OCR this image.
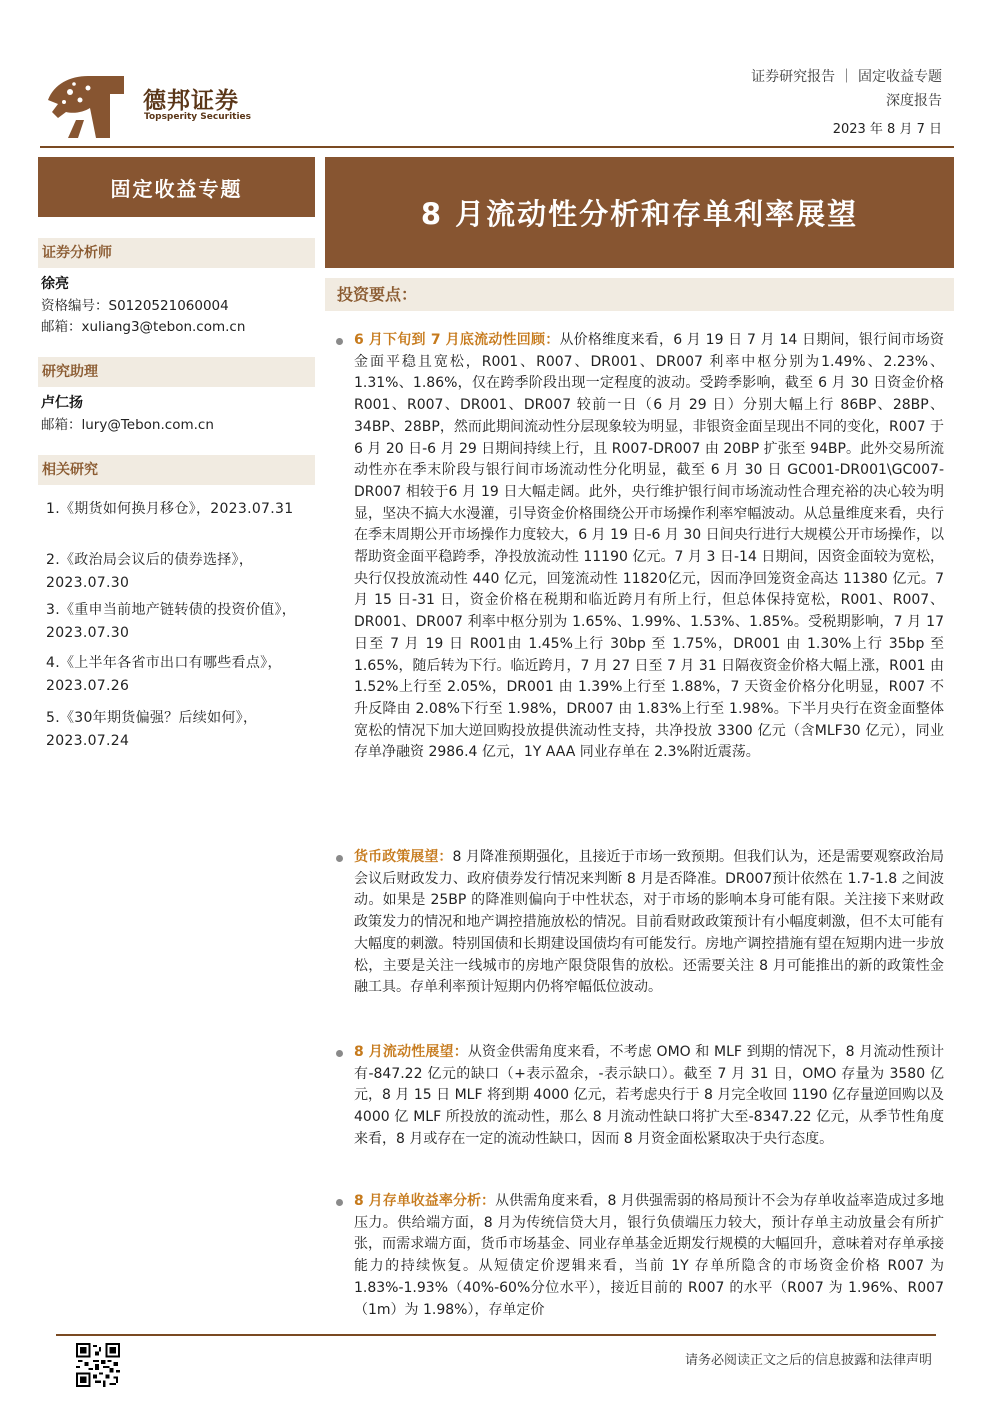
德邦证券
Topsperity Securities
证券研究报告 ｜ 固定收益专题
深度报告
2023 年 8 月 7 日
固定收益专题
8 月流动性分析和存单利率展望
证券分析师
徐亮
资格编号：S0120521060004
邮箱：xuliang3@tebon.com.cn
研究助理
卢仁扬
邮箱：lury@Tebon.com.cn
相关研究
1.《期货如何换月移仓》，2023.07.31
2.《政治局会议后的债券选择》，2023.07.30
3.《重申当前地产链转债的投资价值》，2023.07.30
4.《上半年各省市出口有哪些看点》，2023.07.26
5.《30年期货偏强？后续如何》，2023.07.24
投资要点：
6 月下旬到 7 月底流动性回顾：从价格维度来看，6 月 19 日 7 月 14 日期间，银行间市场资金面平稳且宽松，R001、R007、DR001、DR007 利率中枢分别为1.49%、2.23%、1.31%、1.86%，仅在跨季阶段出现一定程度的波动。受跨季影响，截至 6 月 30 日资金价格 R001、R007、DR001、DR007 较前一日（6 月 29 日）分别大幅上行 86BP、28BP、34BP、28BP，然而此期间流动性分层现象较为明显，非银资金面呈现出不同的变化，R007 于 6 月 20 日-6 月 29 日期间持续上行，且 R007-DR007 由 20BP 扩张至 94BP。此外交易所流动性亦在季末阶段与银行间市场流动性分化明显，截至 6 月 30 日 GC001-DR001\GC007-DR007 相较于6 月 19 日大幅走阔。此外，央行维护银行间市场流动性合理充裕的决心较为明显，坚决不搞大水漫灌，引导资金价格围绕公开市场操作利率窄幅波动。从总量维度来看，央行在季末周期公开市场操作力度较大，6 月 19 日-6 月 30 日间央行进行大规模公开市场操作，以帮助资金面平稳跨季，净投放流动性 11190 亿元。7 月 3 日-14 日期间，因资金面较为宽松，央行仅投放流动性 440 亿元，回笼流动性 11820亿元，因而净回笼资金高达 11380 亿元。7 月 15 日-31 日，资金价格在税期和临近跨月有所上行，但总体保持宽松，R001、R007、DR001、DR007 利率中枢分别为 1.65%、1.99%、1.53%、1.85%。受税期影响，7 月 17 日至 7 月 19 日 R001由 1.45%上行 30bp 至 1.75%，DR001 由 1.30%上行 35bp 至 1.65%，随后转为下行。临近跨月，7 月 27 日至 7 月 31 日隔夜资金价格大幅上涨，R001 由 1.52%上行至 2.05%，DR001 由 1.39%上行至 1.88%，7 天资金价格分化明显，R007 不升反降由 2.08%下行至 1.98%，DR007 由 1.83%上行至 1.98%。下半月央行在资金面整体宽松的情况下加大逆回购投放提供流动性支持，共净投放 3300 亿元（含MLF30 亿元），同业存单净融资 2986.4 亿元，1Y AAA 同业存单在 2.3%附近震荡。
货币政策展望：8 月降准预期强化，且接近于市场一致预期。但我们认为，还是需要观察政治局会议后财政发力、政府债券发行情况来判断 8 月是否降准。DR007预计依然在 1.7-1.8 之间波动。如果是 25BP 的降准则偏向于中性状态，对于市场的影响本身可能有限。关注接下来财政政策发力的情况和地产调控措施放松的情况。目前看财政政策预计有小幅度刺激，但不太可能有大幅度的刺激。特别国债和长期建设国债均有可能发行。房地产调控措施有望在短期内进一步放松，主要是关注一线城市的房地产限贷限售的放松。还需要关注 8 月可能推出的新的政策性金融工具。存单利率预计短期内仍将窄幅低位波动。
8 月流动性展望：从资金供需角度来看，不考虑 OMO 和 MLF 到期的情况下，8 月流动性预计有-847.22 亿元的缺口（+表示盈余，-表示缺口）。截至 7 月 31 日，OMO 存量为 3580 亿元，8 月 15 日 MLF 将到期 4000 亿元，若考虑央行于 8 月完全收回 1190 亿存量逆回购以及 4000 亿 MLF 所投放的流动性，那么 8 月流动性缺口将扩大至-8347.22 亿元，从季节性角度来看，8 月或存在一定的流动性缺口，因而 8 月资金面松紧取决于央行态度。
8 月存单收益率分析：从供需角度来看，8 月供强需弱的格局预计不会为存单收益率造成过多地压力。供给端方面，8 月为传统信贷大月，银行负债端压力较大，预计存单主动放量会有所扩张，而需求端方面，货币市场基金、同业存单基金近期发行规模的大幅回升，意味着对存单承接能力的持续恢复。从短债定价逻辑来看，当前 1Y 存单所隐含的市场资金价格 R007 为 1.83%-1.93%（40%-60%分位水平），接近目前的 R007 的水平（R007 为 1.96%、R007（1m）为 1.98%），存单定价
请务必阅读正文之后的信息披露和法律声明
